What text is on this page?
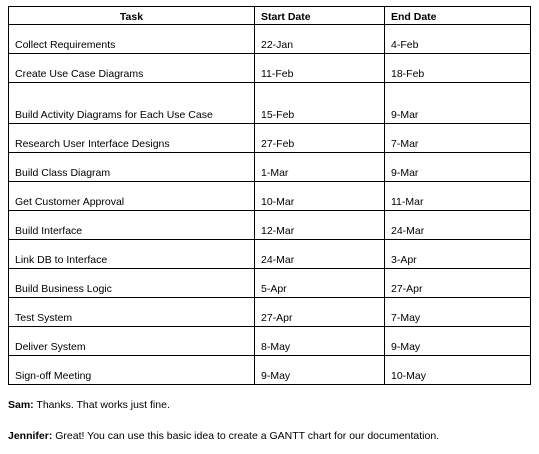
Task	Start Date	End Date
Collect Requirements	22-Jan	4-Feb
Create Use Case Diagrams	11-Feb	18-Feb
Build Activity Diagrams for Each Use Case	15-Feb	9-Mar
Research User Interface Designs	27-Feb	7-Mar
Build Class Diagram	1-Mar	9-Mar
Get Customer Approval	10-Mar	11-Mar
Build Interface	12-Mar	24-Mar
Link DB to Interface	24-Mar	3-Apr
Build Business Logic	5-Apr	27-Apr
Test System	27-Apr	7-May
Deliver System	8-May	9-May
Sign-off Meeting	9-May	10-May
Sam: Thanks. That works just fine.
Jennifer: Great! You can use this basic idea to create a GANTT chart for our documentation.
